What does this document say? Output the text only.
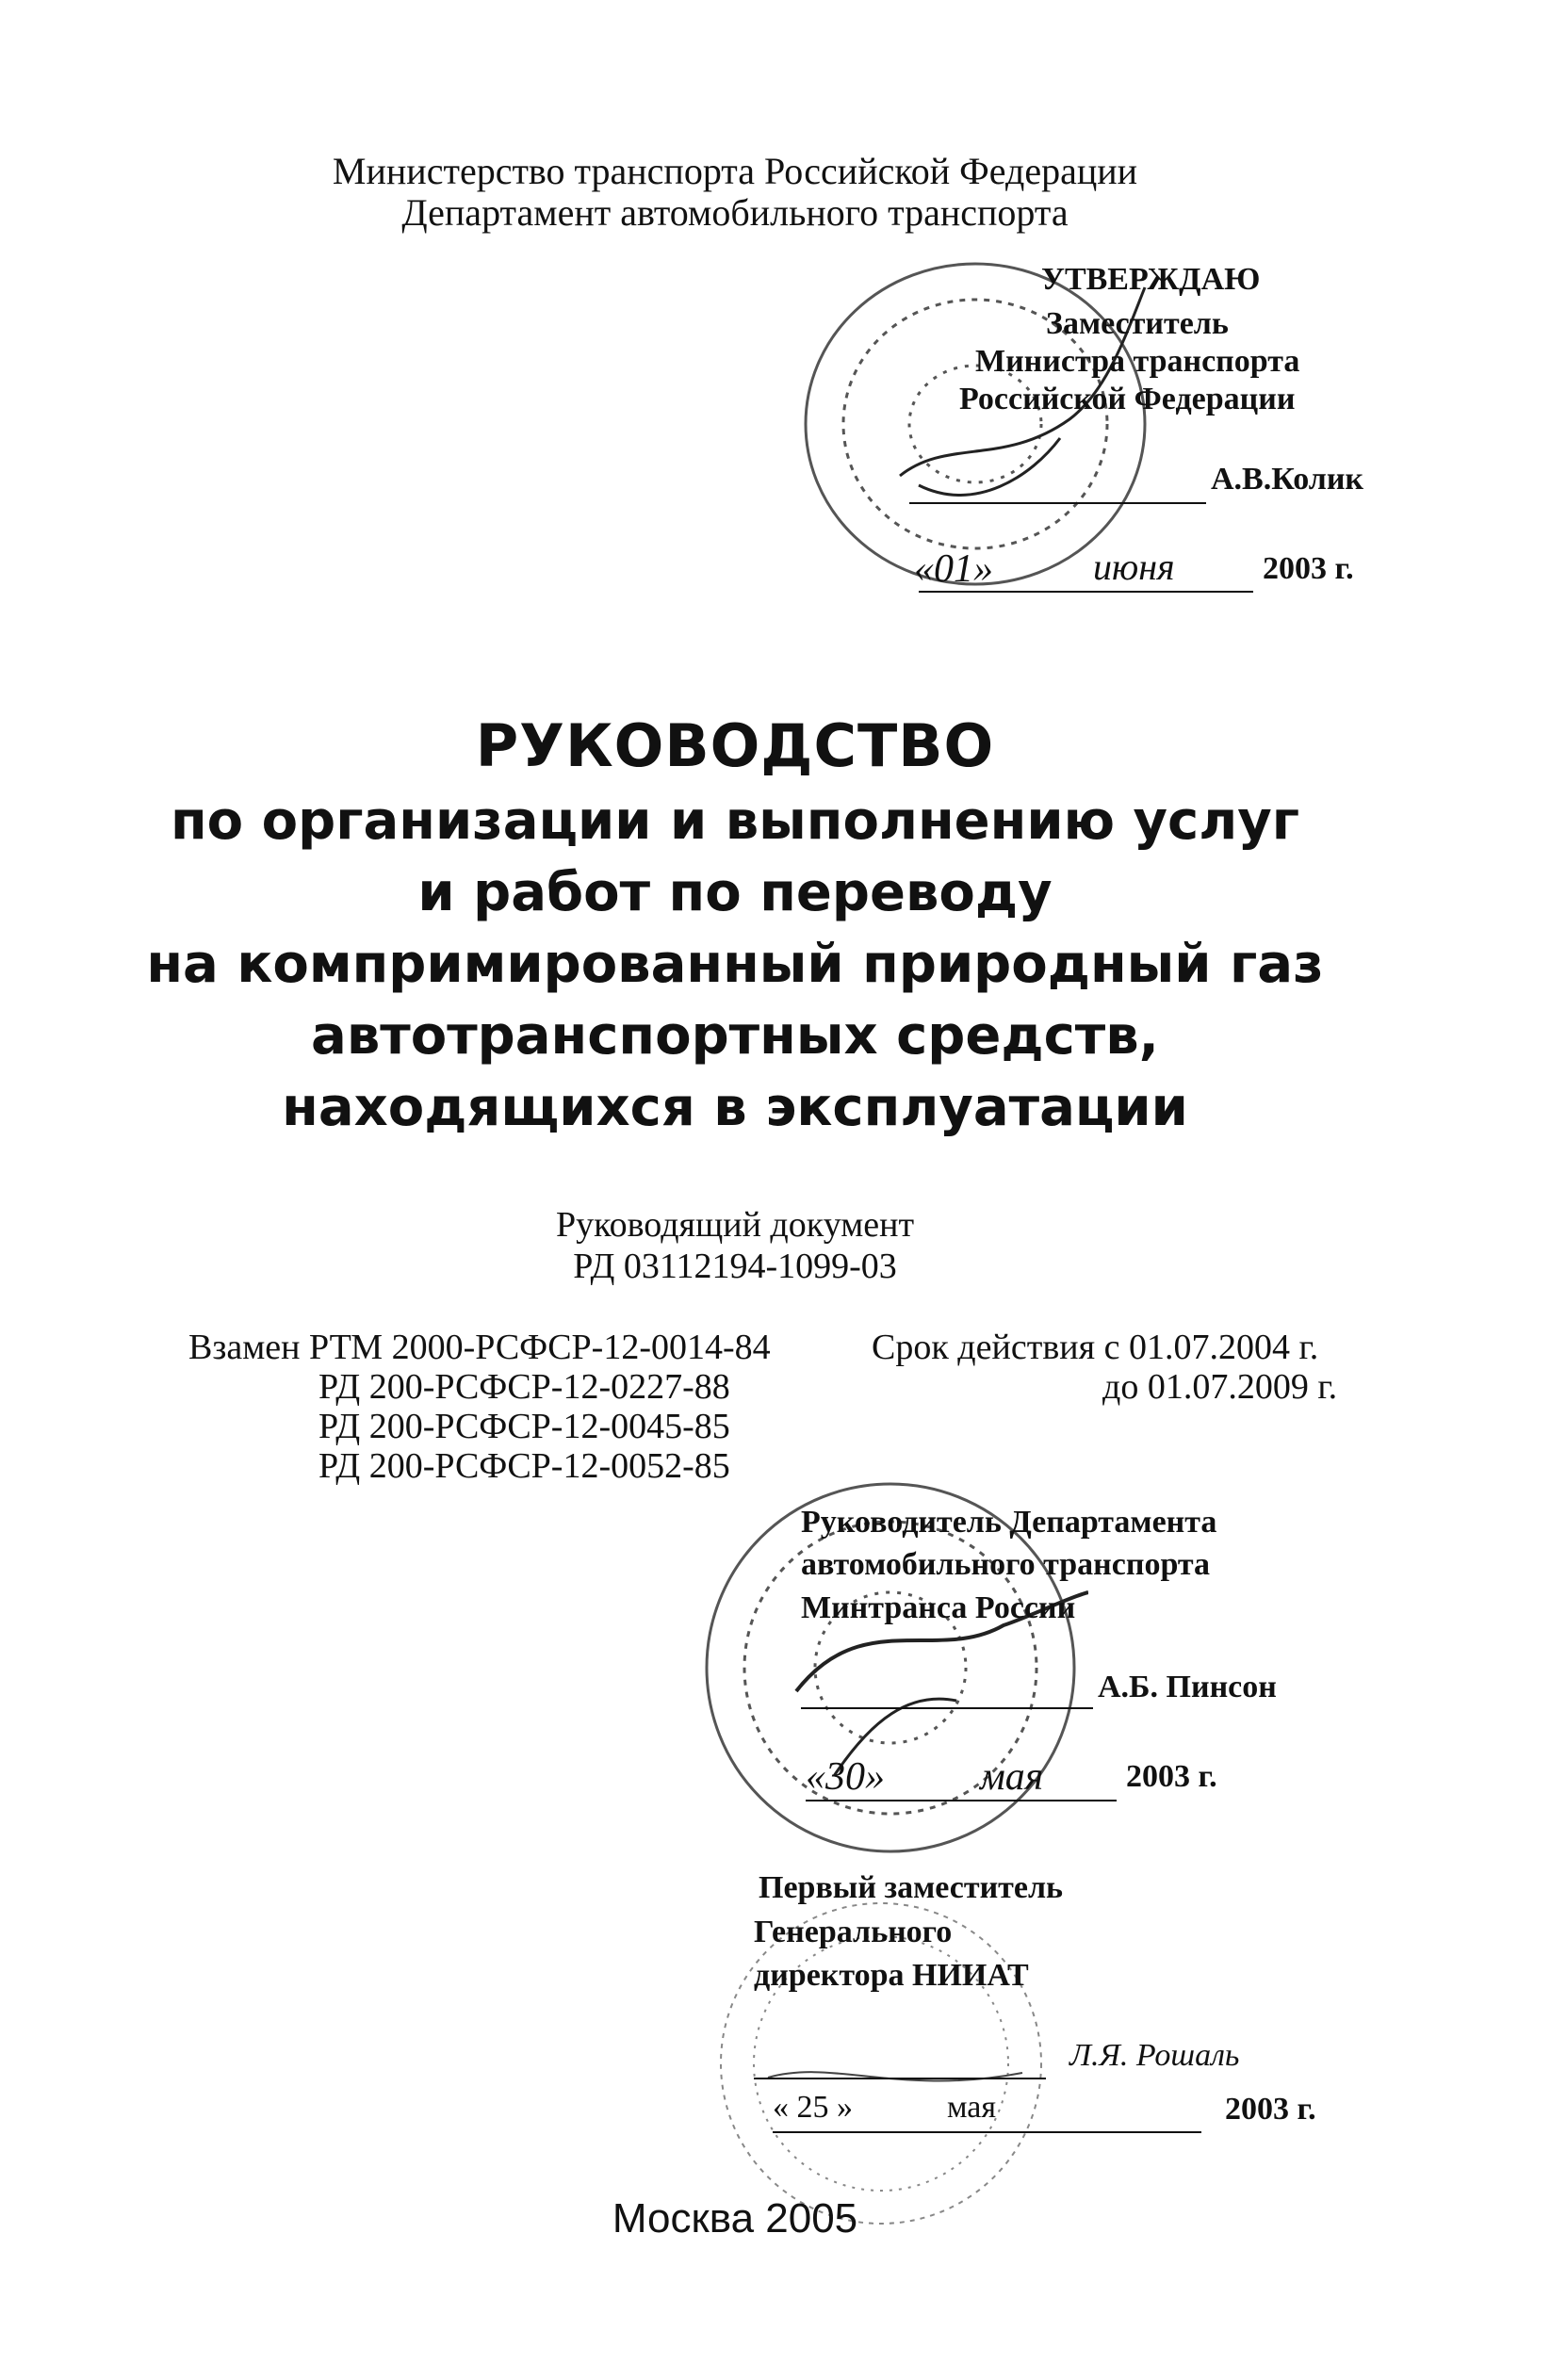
Министерство транспорта Российской Федерации
Департамент автомобильного транспорта
УТВЕРЖДАЮ
Заместитель
Министра транспорта
Российской Федерации
А.В.Колик
«01»	июня	2003 г.
РУКОВОДСТВО
по организации и выполнению услуг
и работ по переводу
на компримированный природный газ
автотранспортных средств,
находящихся в эксплуатации
Руководящий документ
РД 03112194-1099-03
Взамен РТМ 2000-РСФСР-12-0014-84
РД 200-РСФСР-12-0227-88
РД 200-РСФСР-12-0045-85
РД 200-РСФСР-12-0052-85
Срок действия с 01.07.2004 г.
до 01.07.2009 г.
Руководитель Департамента
автомобильного транспорта
Минтранса России
А.Б. Пинсон
«30» мая	2003 г.
Первый заместитель
Генерального
директора НИИАТ
Л.Я. Рошаль
« 25 »	мая	2003 г.
Москва 2005
